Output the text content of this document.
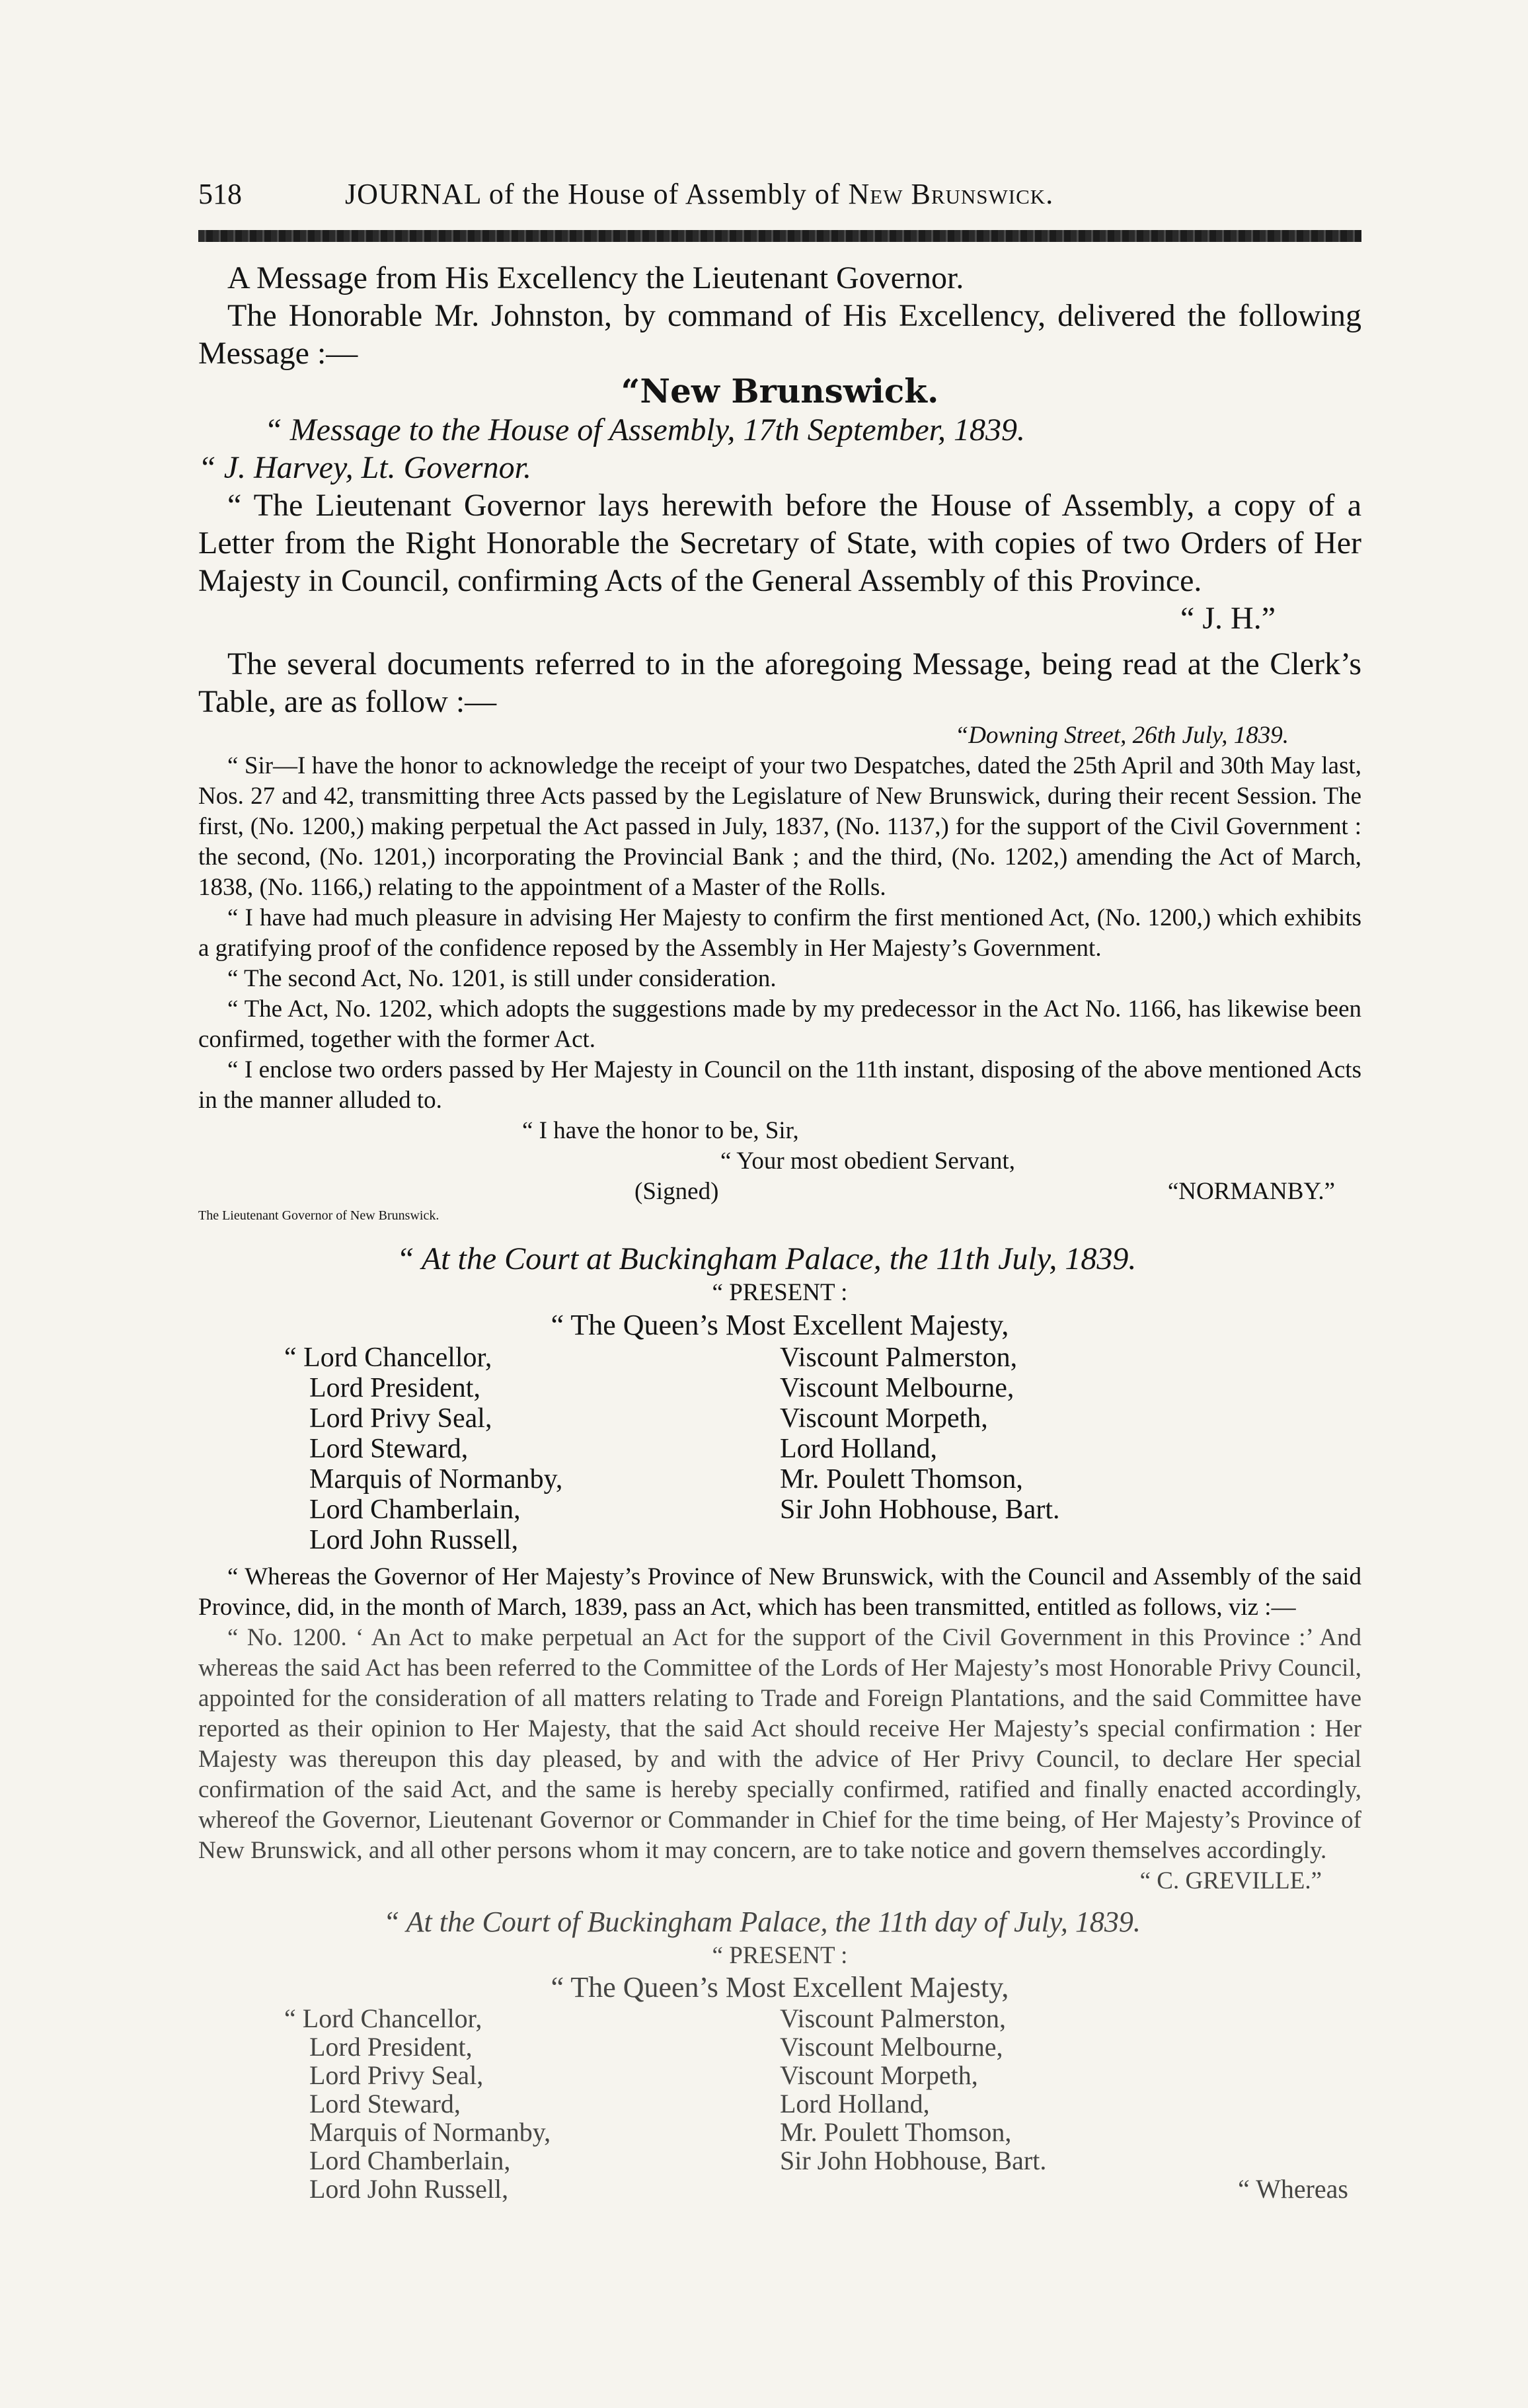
518	JOURNAL of the House of Assembly of New Brunswick.

A Message from His Excellency the Lieutenant Governor.

The Honorable Mr. Johnston, by command of His Excellency, delivered the following Message :—

“New Brunswick.

“ Message to the House of Assembly, 17th September, 1839.

“ J. Harvey, Lt. Governor.

“ The Lieutenant Governor lays herewith before the House of Assembly, a copy of a Letter from the Right Honorable the Secretary of State, with copies of two Orders of Her Majesty in Council, confirming Acts of the General Assembly of this Province.

“ J. H.”

The several documents referred to in the aforegoing Message, being read at the Clerk’s Table, are as follow :—

“Downing Street, 26th July, 1839.

“ Sir—I have the honor to acknowledge the receipt of your two Despatches, dated the 25th April and 30th May last, Nos. 27 and 42, transmitting three Acts passed by the Legislature of New Brunswick, during their recent Session. The first, (No. 1200,) making perpetual the Act passed in July, 1837, (No. 1137,) for the support of the Civil Government : the second, (No. 1201,) incorporating the Provincial Bank ; and the third, (No. 1202,) amending the Act of March, 1838, (No. 1166,) relating to the appointment of a Master of the Rolls.

“ I have had much pleasure in advising Her Majesty to confirm the first mentioned Act, (No. 1200,) which exhibits a gratifying proof of the confidence reposed by the Assembly in Her Majesty’s Government.

“ The second Act, No. 1201, is still under consideration.

“ The Act, No. 1202, which adopts the suggestions made by my predecessor in the Act No. 1166, has likewise been confirmed, together with the former Act.

“ I enclose two orders passed by Her Majesty in Council on the 11th instant, disposing of the above mentioned Acts in the manner alluded to.

“ I have the honor to be, Sir,

“ Your most obedient Servant,

(Signed)	“NORMANBY.”

The Lieutenant Governor of New Brunswick.

“ At the Court at Buckingham Palace, the 11th July, 1839.

“ PRESENT :

“ The Queen’s Most Excellent Majesty,

“ Lord Chancellor,

Lord President,

Lord Privy Seal,

Lord Steward,

Marquis of Normanby,

Lord Chamberlain,

Lord John Russell,

Viscount Palmerston,

Viscount Melbourne,

Viscount Morpeth,

Lord Holland,

Mr. Poulett Thomson,

Sir John Hobhouse, Bart.

“ Whereas the Governor of Her Majesty’s Province of New Brunswick, with the Council and Assembly of the said Province, did, in the month of March, 1839, pass an Act, which has been transmitted, entitled as follows, viz :—

“ No. 1200. ‘ An Act to make perpetual an Act for the support of the Civil Government in this Province :’ And whereas the said Act has been referred to the Committee of the Lords of Her Majesty’s most Honorable Privy Council, appointed for the consideration of all matters relating to Trade and Foreign Plantations, and the said Committee have reported as their opinion to Her Majesty, that the said Act should receive Her Majesty’s special confirmation : Her Majesty was thereupon this day pleased, by and with the advice of Her Privy Council, to declare Her special confirmation of the said Act, and the same is hereby specially confirmed, ratified and finally enacted accordingly, whereof the Governor, Lieutenant Governor or Commander in Chief for the time being, of Her Majesty’s Province of New Brunswick, and all other persons whom it may concern, are to take notice and govern themselves accordingly.

“ C. GREVILLE.”

“ At the Court of Buckingham Palace, the 11th day of July, 1839.

“ PRESENT :

“ The Queen’s Most Excellent Majesty,

“ Lord Chancellor,

Lord President,

Lord Privy Seal,

Lord Steward,

Marquis of Normanby,

Lord Chamberlain,

Lord John Russell,

Viscount Palmerston,

Viscount Melbourne,

Viscount Morpeth,

Lord Holland,

Mr. Poulett Thomson,

Sir John Hobhouse, Bart.

“ Whereas
